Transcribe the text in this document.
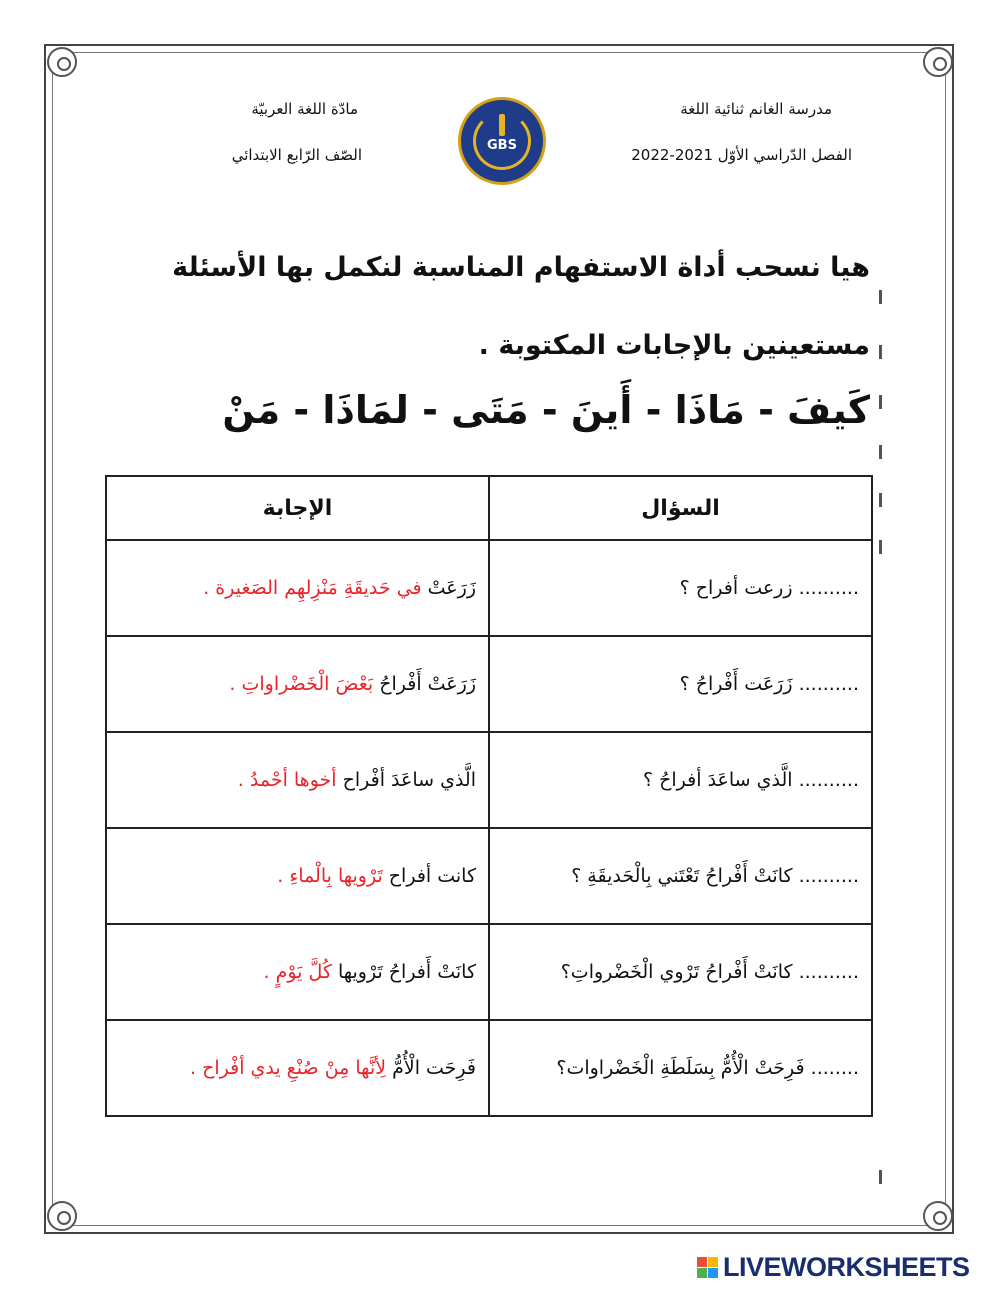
مدرسة الغانم ثنائية اللغة
الفصل الدّراسي الأوّل 2021-2022
مادّة اللغة العربيّة
الصّف الرّابع الابتدائي
GBS
هيا نسحب أداة الاستفهام المناسبة لنكمل بها الأسئلة
مستعينين بالإجابات المكتوبة .
كَيفَ - مَاذَا - أَينَ - مَتَى - لمَاذَا - مَنْ
السؤال	الإجابة
.......... زرعت أفراح ؟	زَرَعَتْ في حَديقَةِ مَنْزِلهِم الصَغيرة .
.......... زَرَعَت أَفْراحُ ؟	زَرَعَتْ أَفْراحُ بَعْضَ الْخَضْراواتِ .
.......... الَّذي ساعَدَ أفراحُ ؟	الَّذي ساعَدَ أفْراح أخوها أحْمدُ .
.......... كانَتْ أَفْراحُ تَعْتَني بِالْحَديقَةِ ؟	كانت أفراح تَرْويها بِالْماءِ .
.......... كانَتْ أَفْراحُ تَرْوي الْخَضْرواتِ؟	كانَتْ أَفراحُ تَرْويها كُلَّ يَوْمٍ .
........ فَرِحَتْ الْأُمُّ بِسَلَطَةِ الْخَضْراوات؟	فَرِحَت الْأُمُّ لِأنَّها مِنْ صُنْعِ يدي أفْراح .
LIVEWORKSHEETS
